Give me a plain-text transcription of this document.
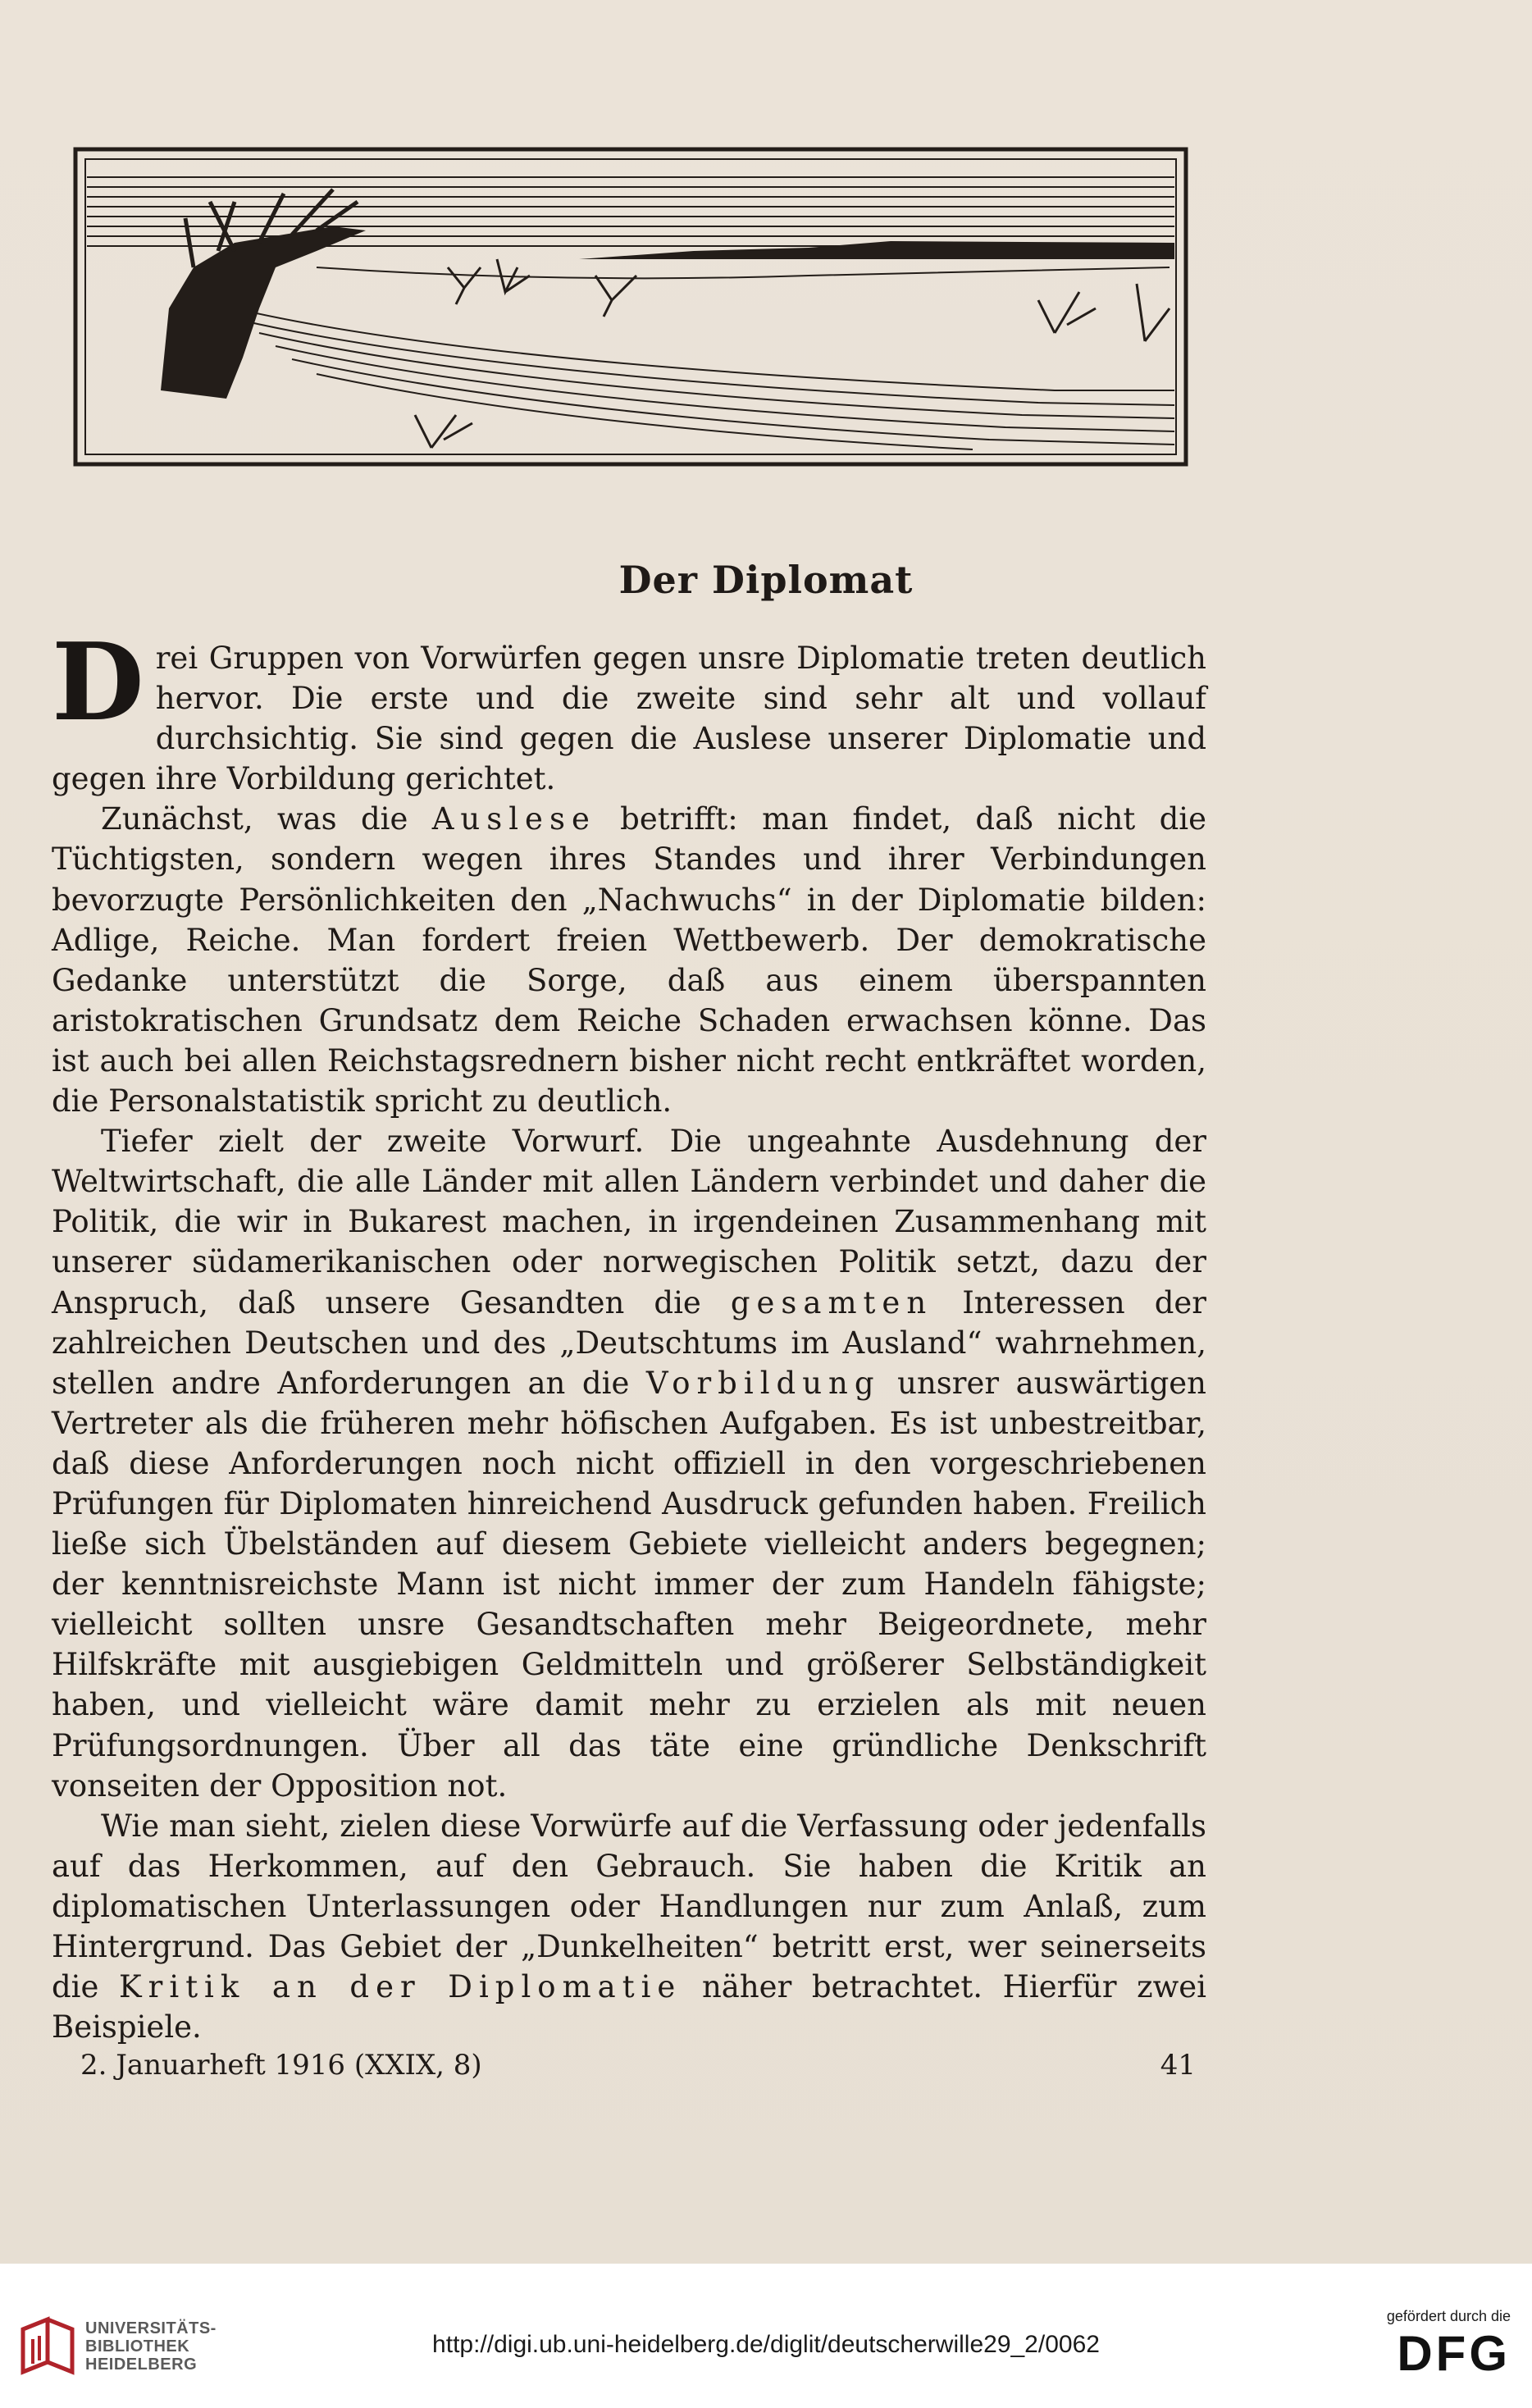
Der Diplomat

Drei Gruppen von Vorwürfen gegen unsre Diplomatie treten deutlich hervor. Die erste und die zweite sind sehr alt und vollauf durchsichtig. Sie sind gegen die Auslese unserer Diplomatie und gegen ihre Vorbildung gerichtet.

Zunächst, was die Auslese betrifft: man findet, daß nicht die Tüchtigsten, sondern wegen ihres Standes und ihrer Verbindungen bevorzugte Persönlichkeiten den „Nachwuchs“ in der Diplomatie bilden: Adlige, Reiche. Man fordert freien Wettbewerb. Der demokratische Gedanke unterstützt die Sorge, daß aus einem überspannten aristokratischen Grundsatz dem Reiche Schaden erwachsen könne. Das ist auch bei allen Reichstagsrednern bisher nicht recht entkräftet worden, die Personalstatistik spricht zu deutlich.

Tiefer zielt der zweite Vorwurf. Die ungeahnte Ausdehnung der Weltwirtschaft, die alle Länder mit allen Ländern verbindet und daher die Politik, die wir in Bukarest machen, in irgendeinen Zusammenhang mit unserer südamerikanischen oder norwegischen Politik setzt, dazu der Anspruch, daß unsere Gesandten die gesamten Interessen der zahlreichen Deutschen und des „Deutschtums im Ausland“ wahrnehmen, stellen andre Anforderungen an die Vorbildung unsrer auswärtigen Vertreter als die früheren mehr höfischen Aufgaben. Es ist unbestreitbar, daß diese Anforderungen noch nicht offiziell in den vorgeschriebenen Prüfungen für Diplomaten hinreichend Ausdruck gefunden haben. Freilich ließe sich Übelständen auf diesem Gebiete vielleicht anders begegnen; der kenntnisreichste Mann ist nicht immer der zum Handeln fähigste; vielleicht sollten unsre Gesandtschaften mehr Beigeordnete, mehr Hilfskräfte mit ausgiebigen Geldmitteln und größerer Selbständigkeit haben, und vielleicht wäre damit mehr zu erzielen als mit neuen Prüfungsordnungen. Über all das täte eine gründliche Denkschrift vonseiten der Opposition not.

Wie man sieht, zielen diese Vorwürfe auf die Verfassung oder jedenfalls auf das Herkommen, auf den Gebrauch. Sie haben die Kritik an diplomatischen Unterlassungen oder Handlungen nur zum Anlaß, zum Hintergrund. Das Gebiet der „Dunkelheiten“ betritt erst, wer seinerseits die Kritik an der Diplomatie näher betrachtet. Hierfür zwei Beispiele.

2. Januarheft 1916 (XXIX, 8)	41
UNIVERSITÄTS-
BIBLIOTHEK
HEIDELBERG
http://digi.ub.uni-heidelberg.de/diglit/deutscherwille29_2/0062
gefördert durch die
DFG
